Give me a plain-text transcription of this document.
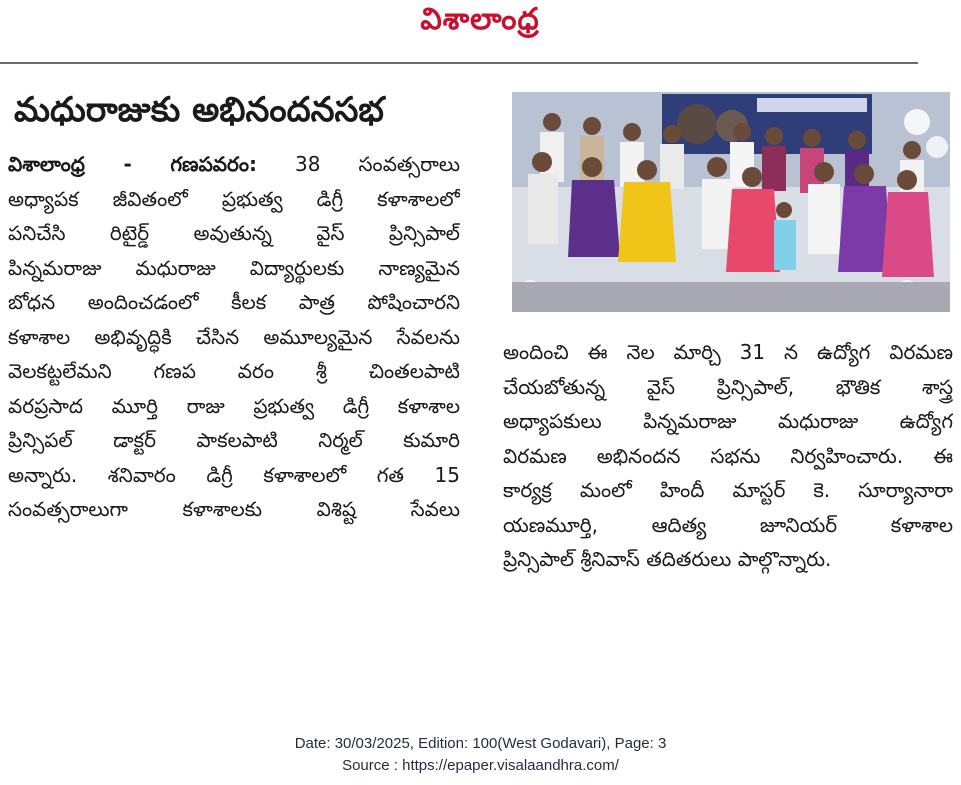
విశాలాంధ్ర
మధురాజుకు అభినందనసభ
విశాలాంధ్ర - గణపవరం: 38 సంవత్సరాలు
అధ్యాపక జీవితంలో ప్రభుత్వ డిగ్రీ కళాశాలలో
పనిచేసి రిటైర్డ్ అవుతున్న వైస్ ప్రిన్సిపాల్
పిన్నమరాజు మధురాజు విద్యార్థులకు నాణ్యమైన
బోధన అందించడంలో కీలక పాత్ర పోషించారని
కళాశాల అభివృద్ధికి చేసిన అమూల్యమైన సేవలను
వెలకట్టలేమని గణప వరం శ్రీ చింతలపాటి
వరప్రసాద మూర్తి రాజు ప్రభుత్వ డిగ్రీ కళాశాల
ప్రిన్సిపల్ డాక్టర్ పాకలపాటి నిర్మల్ కుమారి
అన్నారు. శనివారం డిగ్రీ కళాశాలలో గత 15
సంవత్సరాలుగా కళాశాలకు విశిష్ట సేవలు
అందించి ఈ నెల మార్చి 31 న ఉద్యోగ విరమణ
చేయబోతున్న వైస్ ప్రిన్సిపాల్, భౌతిక శాస్త్ర
అధ్యాపకులు పిన్నమరాజు మధురాజు ఉద్యోగ
విరమణ అభినందన సభను నిర్వహించారు. ఈ
కార్యక్ర మంలో హిందీ మాస్టర్ కె. సూర్యానారా
యణమూర్తి, ఆదిత్య జూనియర్ కళాశాల
ప్రిన్సిపాల్ శ్రీనివాస్ తదితరులు పాల్గొన్నారు.
Date: 30/03/2025, Edition: 100(West Godavari), Page: 3
Source : https://epaper.visalaandhra.com/
